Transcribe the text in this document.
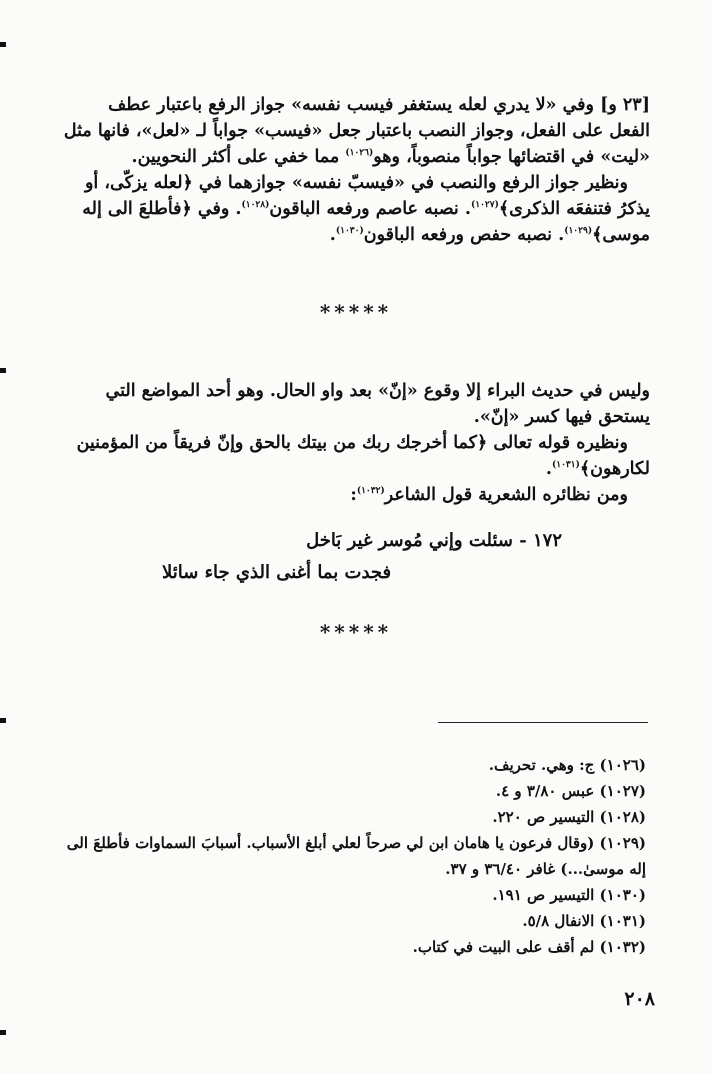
[٢٣ و] وفي «لا يدري لعله يستغفر فيسب نفسه» جواز الرفع باعتبار عطف

الفعل على الفعل، وجواز النصب باعتبار جعل «فيسب» جواباً لـ «لعل»، فانها مثل

«ليت» في اقتضائها جواباً منصوباً، وهو$^{(١٠٢٦)}$ مما خفي على أكثر النحويين.

ونظير جواز الرفع والنصب في «فيسبّ نفسه» جوازهما في ﴿لعله يزكّى، أو

يذكرُ فتنفعَه الذكرى﴾$^{(١٠٢٧)}$. نصبه عاصم ورفعه الباقون$^{(١٠٢٨)}$. وفي ﴿فأطلعَ الى إله

موسى﴾$^{(١٠٢٩)}$. نصبه حفص ورفعه الباقون$^{(١٠٣٠)}$.

*****

وليس في حديث البراء إلا وقوع «إنّ» بعد واو الحال. وهو أحد المواضع التي

يستحق فيها كسر «إنّ».

ونظيره قوله تعالى ﴿كما أخرجك ربك من بيتك بالحق وإنّ فريقاً من المؤمنين

لكارهون﴾$^{(١٠٣١)}$.

ومن نظائره الشعرية قول الشاعر$^{(١٠٣٢)}$:

١٧٢ - سئلت وإني مُوسر غير بَاخل
فجدت بما أغنى الذي جاء سائلا
*****
(١٠٢٦) ج: وهي. تحريف.
(١٠٢٧) عبس ٣/٨٠ و ٤.
(١٠٢٨) التيسير ص ٢٢٠.
(١٠٢٩) (وقال فرعون يا هامان ابن لي صرحاً لعلي أبلغ الأسباب. أسبابَ السماوات فأطلعَ الى
إله موسىٰ...) غافر ٣٦/٤٠ و ٣٧.
(١٠٣٠) التيسير ص ١٩١.
(١٠٣١) الانفال ٥/٨.
(١٠٣٢) لم أقف على البيت في كتاب.
٢٠٨
